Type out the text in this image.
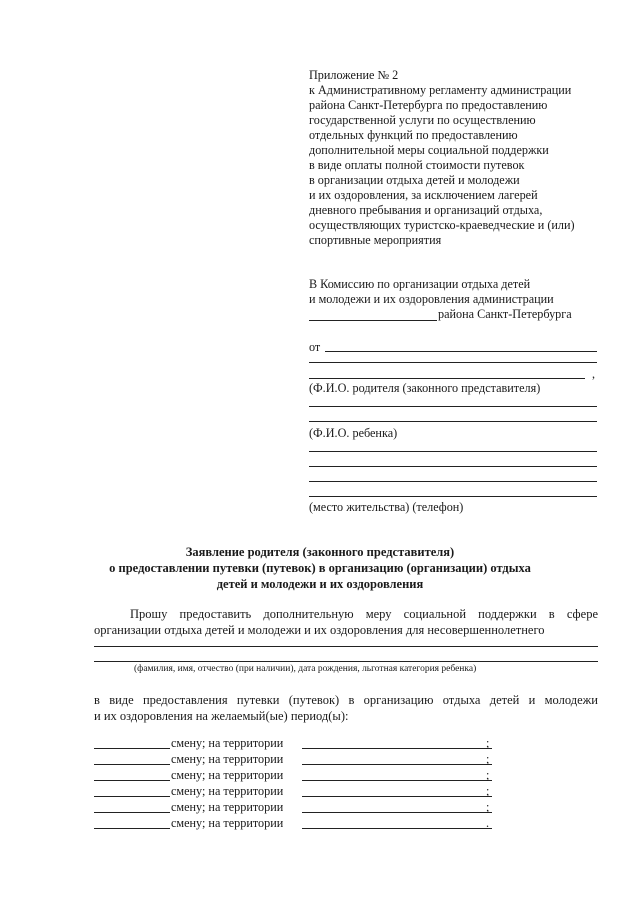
Приложение № 2
к Административному регламенту администрации
района Санкт-Петербурга по предоставлению
государственной услуги по осуществлению
отдельных функций по предоставлению
дополнительной меры социальной поддержки
в виде оплаты полной стоимости путевок
в организации отдыха детей и молодежи
и их оздоровления, за исключением лагерей
дневного пребывания и организаций отдыха,
осуществляющих туристско-краеведческие и (или)
спортивные мероприятия
В Комиссию по организации отдыха детей
и молодежи и их оздоровления администрации
района Санкт-Петербурга
от
,
(Ф.И.О. родителя (законного представителя)
(Ф.И.О. ребенка)
(место жительства) (телефон)
Заявление родителя (законного представителя)
о предоставлении путевки (путевок) в организацию (организации) отдыха
детей и молодежи и их оздоровления
Прошу предоставить дополнительную меру социальной поддержки в сфере
организации отдыха детей и молодежи и их оздоровления для несовершеннолетнего
(фамилия, имя, отчество (при наличии), дата рождения, льготная категория ребенка)
в виде предоставления путевки (путевок) в организацию отдыха детей и молодежи
и их оздоровления на желаемый(ые) период(ы):
смену; на территории	;
смену; на территории	;
смену; на территории	;
смену; на территории	;
смену; на территории	;
смену; на территории	.
